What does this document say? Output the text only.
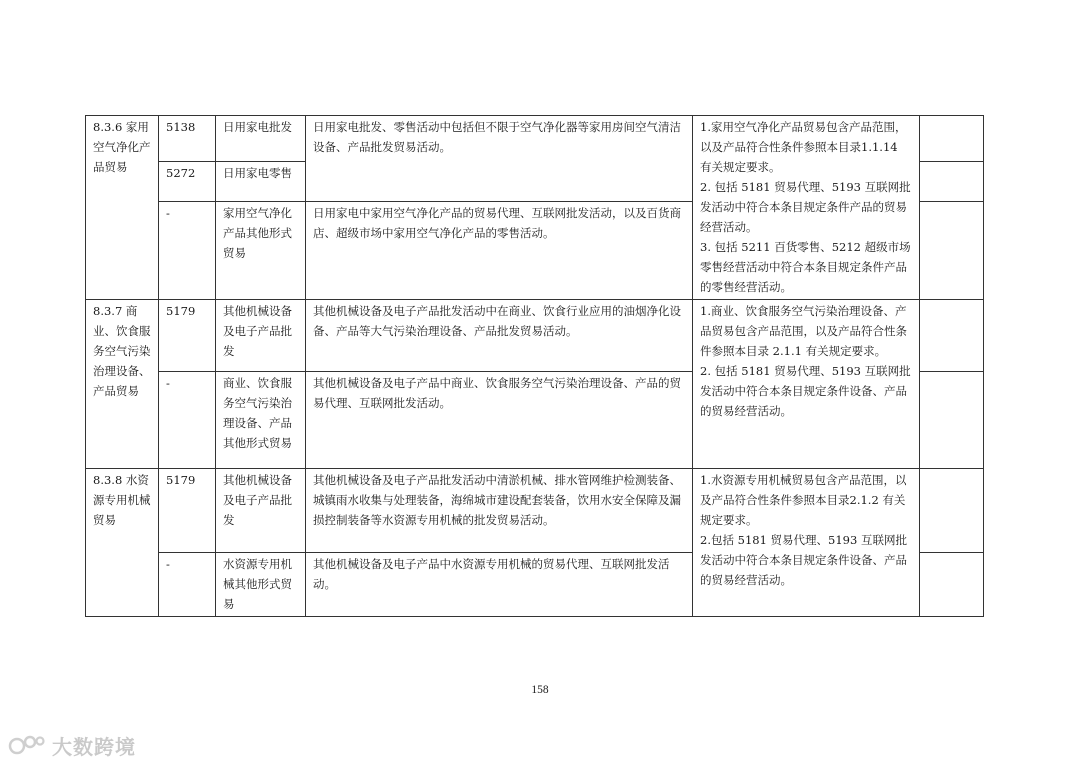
8.3.6 家用空气净化产品贸易	5138	日用家电批发	日用家电批发、零售活动中包括但不限于空气净化器等家用房间空气清洁设备、产品批发贸易活动。	1.家用空气净化产品贸易包含产品范围，以及产品符合性条件参照本目录1.1.14 有关规定要求。
2. 包括 5181 贸易代理、5193 互联网批发活动中符合本条目规定条件产品的贸易经营活动。
3. 包括 5211 百货零售、5212 超级市场零售经营活动中符合本条目规定条件产品的零售经营活动。	

	5272	日用家电零售			
	-	家用空气净化产品其他形式贸易	日用家电中家用空气净化产品的贸易代理、互联网批发活动，以及百货商店、超级市场中家用空气净化产品的零售活动。		
8.3.7 商业、饮食服务空气污染治理设备、产品贸易	5179	其他机械设备及电子产品批发	其他机械设备及电子产品批发活动中在商业、饮食行业应用的油烟净化设备、产品等大气污染治理设备、产品批发贸易活动。	1.商业、饮食服务空气污染治理设备、产品贸易包含产品范围，以及产品符合性条件参照本目录 2.1.1 有关规定要求。
2. 包括 5181 贸易代理、5193 互联网批发活动中符合本条目规定条件设备、产品的贸易经营活动。	

	-	商业、饮食服务空气污染治理设备、产品其他形式贸易	其他机械设备及电子产品中商业、饮食服务空气污染治理设备、产品的贸易代理、互联网批发活动。		
8.3.8 水资源专用机械贸易	5179	其他机械设备及电子产品批发	其他机械设备及电子产品批发活动中清淤机械、排水管网维护检测装备、城镇雨水收集与处理装备，海绵城市建设配套装备，饮用水安全保障及漏损控制装备等水资源专用机械的批发贸易活动。	1.水资源专用机械贸易包含产品范围，以及产品符合性条件参照本目录2.1.2 有关规定要求。
2.包括 5181 贸易代理、5193 互联网批发活动中符合本条目规定条件设备、产品的贸易经营活动。	

	-	水资源专用机械其他形式贸易	其他机械设备及电子产品中水资源专用机械的贸易代理、互联网批发活动。		
158
大数跨境
